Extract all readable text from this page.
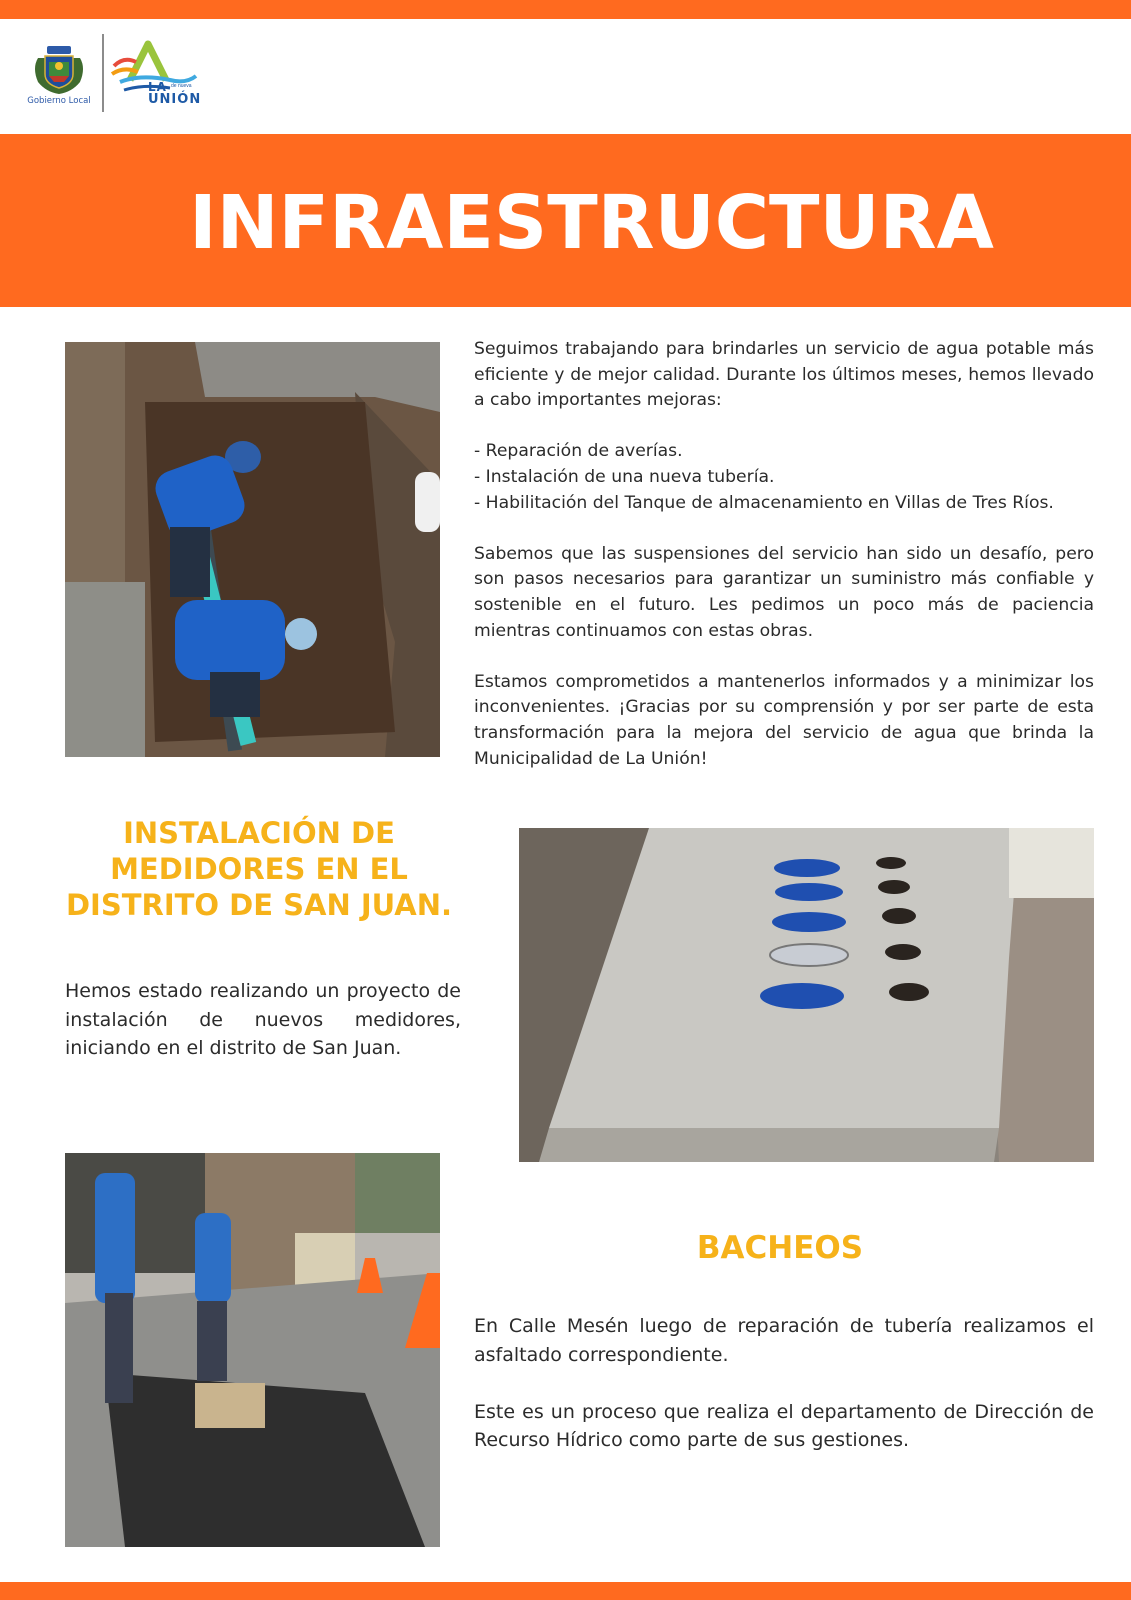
Gobierno Local
LA de nueva
UNIÓN
INFRAESTRUCTURA

Seguimos trabajando para brindarles un servicio de agua potable más eficiente y de mejor calidad. Durante los últimos meses, hemos llevado a cabo importantes mejoras:

- Reparación de averías.

- Instalación de una nueva tubería.

- Habilitación del Tanque de almacenamiento en Villas de Tres Ríos.

Sabemos que las suspensiones del servicio han sido un desafío, pero son pasos necesarios para garantizar un suministro más confiable y sostenible en el futuro. Les pedimos un poco más de paciencia mientras continuamos con estas obras.

Estamos comprometidos a mantenerlos informados y a minimizar los inconvenientes. ¡Gracias por su comprensión y por ser parte de esta transformación para la mejora del servicio de agua que brinda la Municipalidad de La Unión!

INSTALACIÓN DE MEDIDORES EN EL DISTRITO DE SAN JUAN.
Hemos estado realizando un proyecto de instalación de nuevos medidores, iniciando en el distrito de San Juan.
BACHEOS

En Calle Mesén luego de reparación de tubería realizamos el asfaltado correspondiente.

Este es un proceso que realiza el departamento de Dirección de Recurso Hídrico como parte de sus gestiones.
